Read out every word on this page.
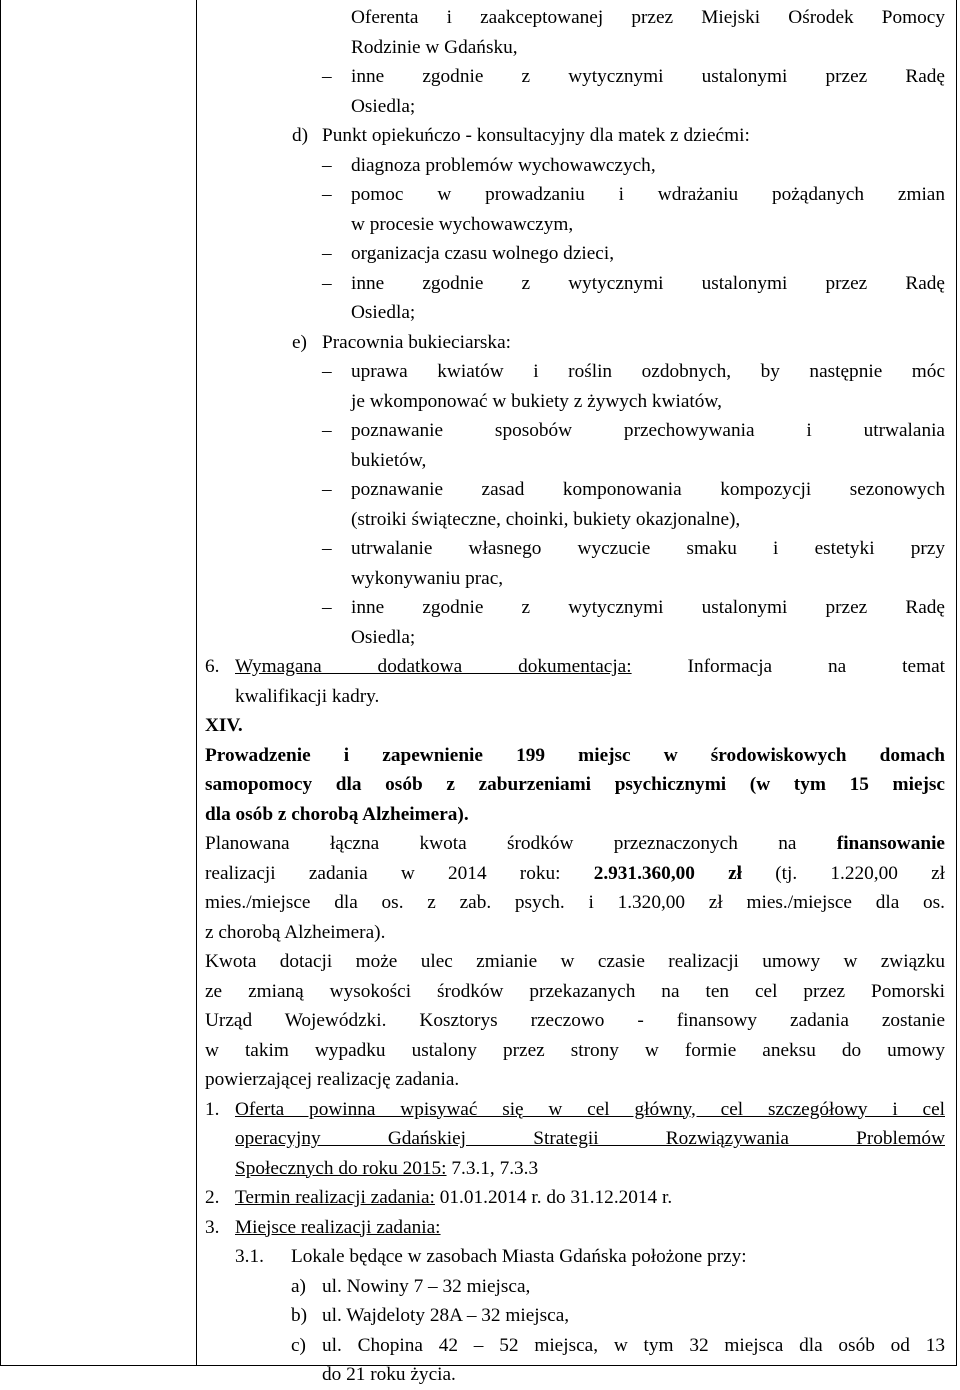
Oferenta i zaakceptowanej przez Miejski Ośrodek Pomocy
Rodzinie w Gdańsku,
– inne zgodnie z wytycznymi ustalonymi przez Radę
Osiedla;
d) Punkt opiekuńczo - konsultacyjny dla matek z dziećmi:
– diagnoza problemów wychowawczych,
– pomoc w prowadzaniu i wdrażaniu pożądanych zmian
w procesie wychowawczym,
– organizacja czasu wolnego dzieci,
– inne zgodnie z wytycznymi ustalonymi przez Radę
Osiedla;
e) Pracownia bukieciarska:
– uprawa kwiatów i roślin ozdobnych, by następnie móc
je wkomponować w bukiety z żywych kwiatów,
– poznawanie sposobów przechowywania i utrwalania
bukietów,
– poznawanie zasad komponowania kompozycji sezonowych
(stroiki świąteczne, choinki, bukiety okazjonalne),
– utrwalanie własnego wyczucie smaku i estetyki przy
wykonywaniu prac,
– inne zgodnie z wytycznymi ustalonymi przez Radę
Osiedla;
6. Wymagana dodatkowa dokumentacja:	Informacja na temat
kwalifikacji kadry.
XIV.
Prowadzenie i zapewnienie 199 miejsc w środowiskowych domach
samopomocy dla osób z zaburzeniami psychicznymi (w tym 15 miejsc
dla osób z chorobą Alzheimera).
Planowana łączna kwota środków przeznaczonych na finansowanie
realizacji zadania w 2014 roku: 2.931.360,00 zł (tj. 1.220,00 zł
mies./miejsce dla os. z zab. psych. i 1.320,00 zł mies./miejsce dla os.
z chorobą Alzheimera).
Kwota dotacji może ulec zmianie w czasie realizacji umowy w związku
ze zmianą wysokości środków przekazanych na ten cel przez Pomorski
Urząd Wojewódzki. Kosztorys rzeczowo - finansowy zadania zostanie
w takim wypadku ustalony przez strony w formie aneksu do umowy
powierzającej realizację zadania.
1. Oferta powinna wpisywać się w cel główny, cel szczegółowy i cel
operacyjny Gdańskiej Strategii Rozwiązywania Problemów
Społecznych do roku 2015: 7.3.1, 7.3.3
2. Termin realizacji zadania: 01.01.2014 r. do 31.12.2014 r.
3. Miejsce realizacji zadania:
3.1. Lokale będące w zasobach Miasta Gdańska położone przy:
a) ul. Nowiny 7 – 32 miejsca,
b) ul. Wajdeloty 28A – 32 miejsca,
c) ul. Chopina 42 – 52 miejsca, w tym 32 miejsca dla osób od 13
do 21 roku życia.
